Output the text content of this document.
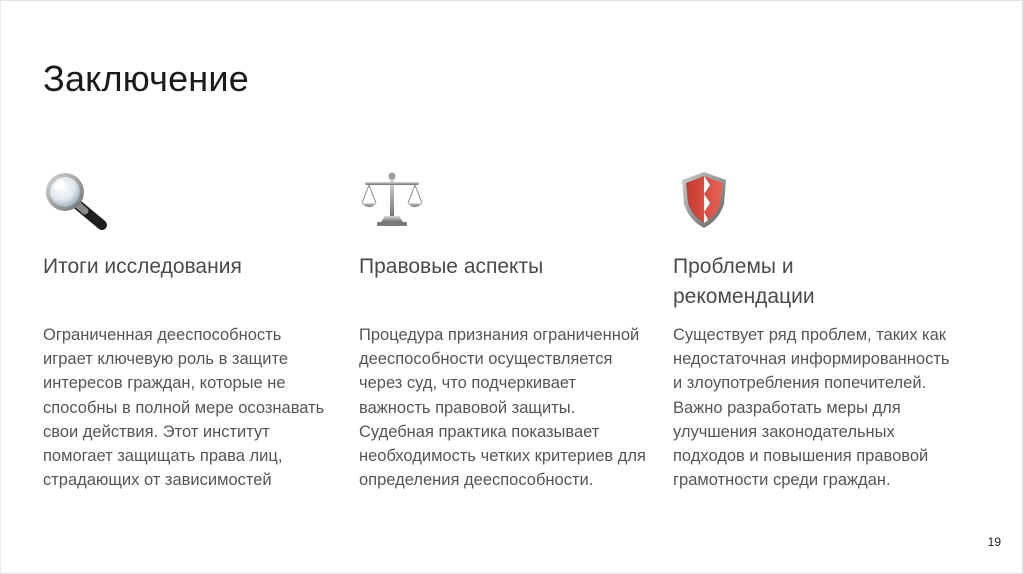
Заключение
Итоги исследования

Ограниченная дееспособность играет ключевую роль в защите интересов граждан, которые не способны в полной мере осознавать свои действия. Этот институт помогает защищать права лиц, страдающих от зависимостей

Правовые аспекты

Процедура признания ограниченной дееспособности осуществляется через суд, что подчеркивает важность правовой защиты. Судебная практика показывает необходимость четких критериев для определения дееспособности.

Проблемы и рекомендации

Существует ряд проблем, таких как недостаточная информированность и злоупотребления попечителей. Важно разработать меры для улучшения законодательных подходов и повышения правовой грамотности среди граждан.

19
